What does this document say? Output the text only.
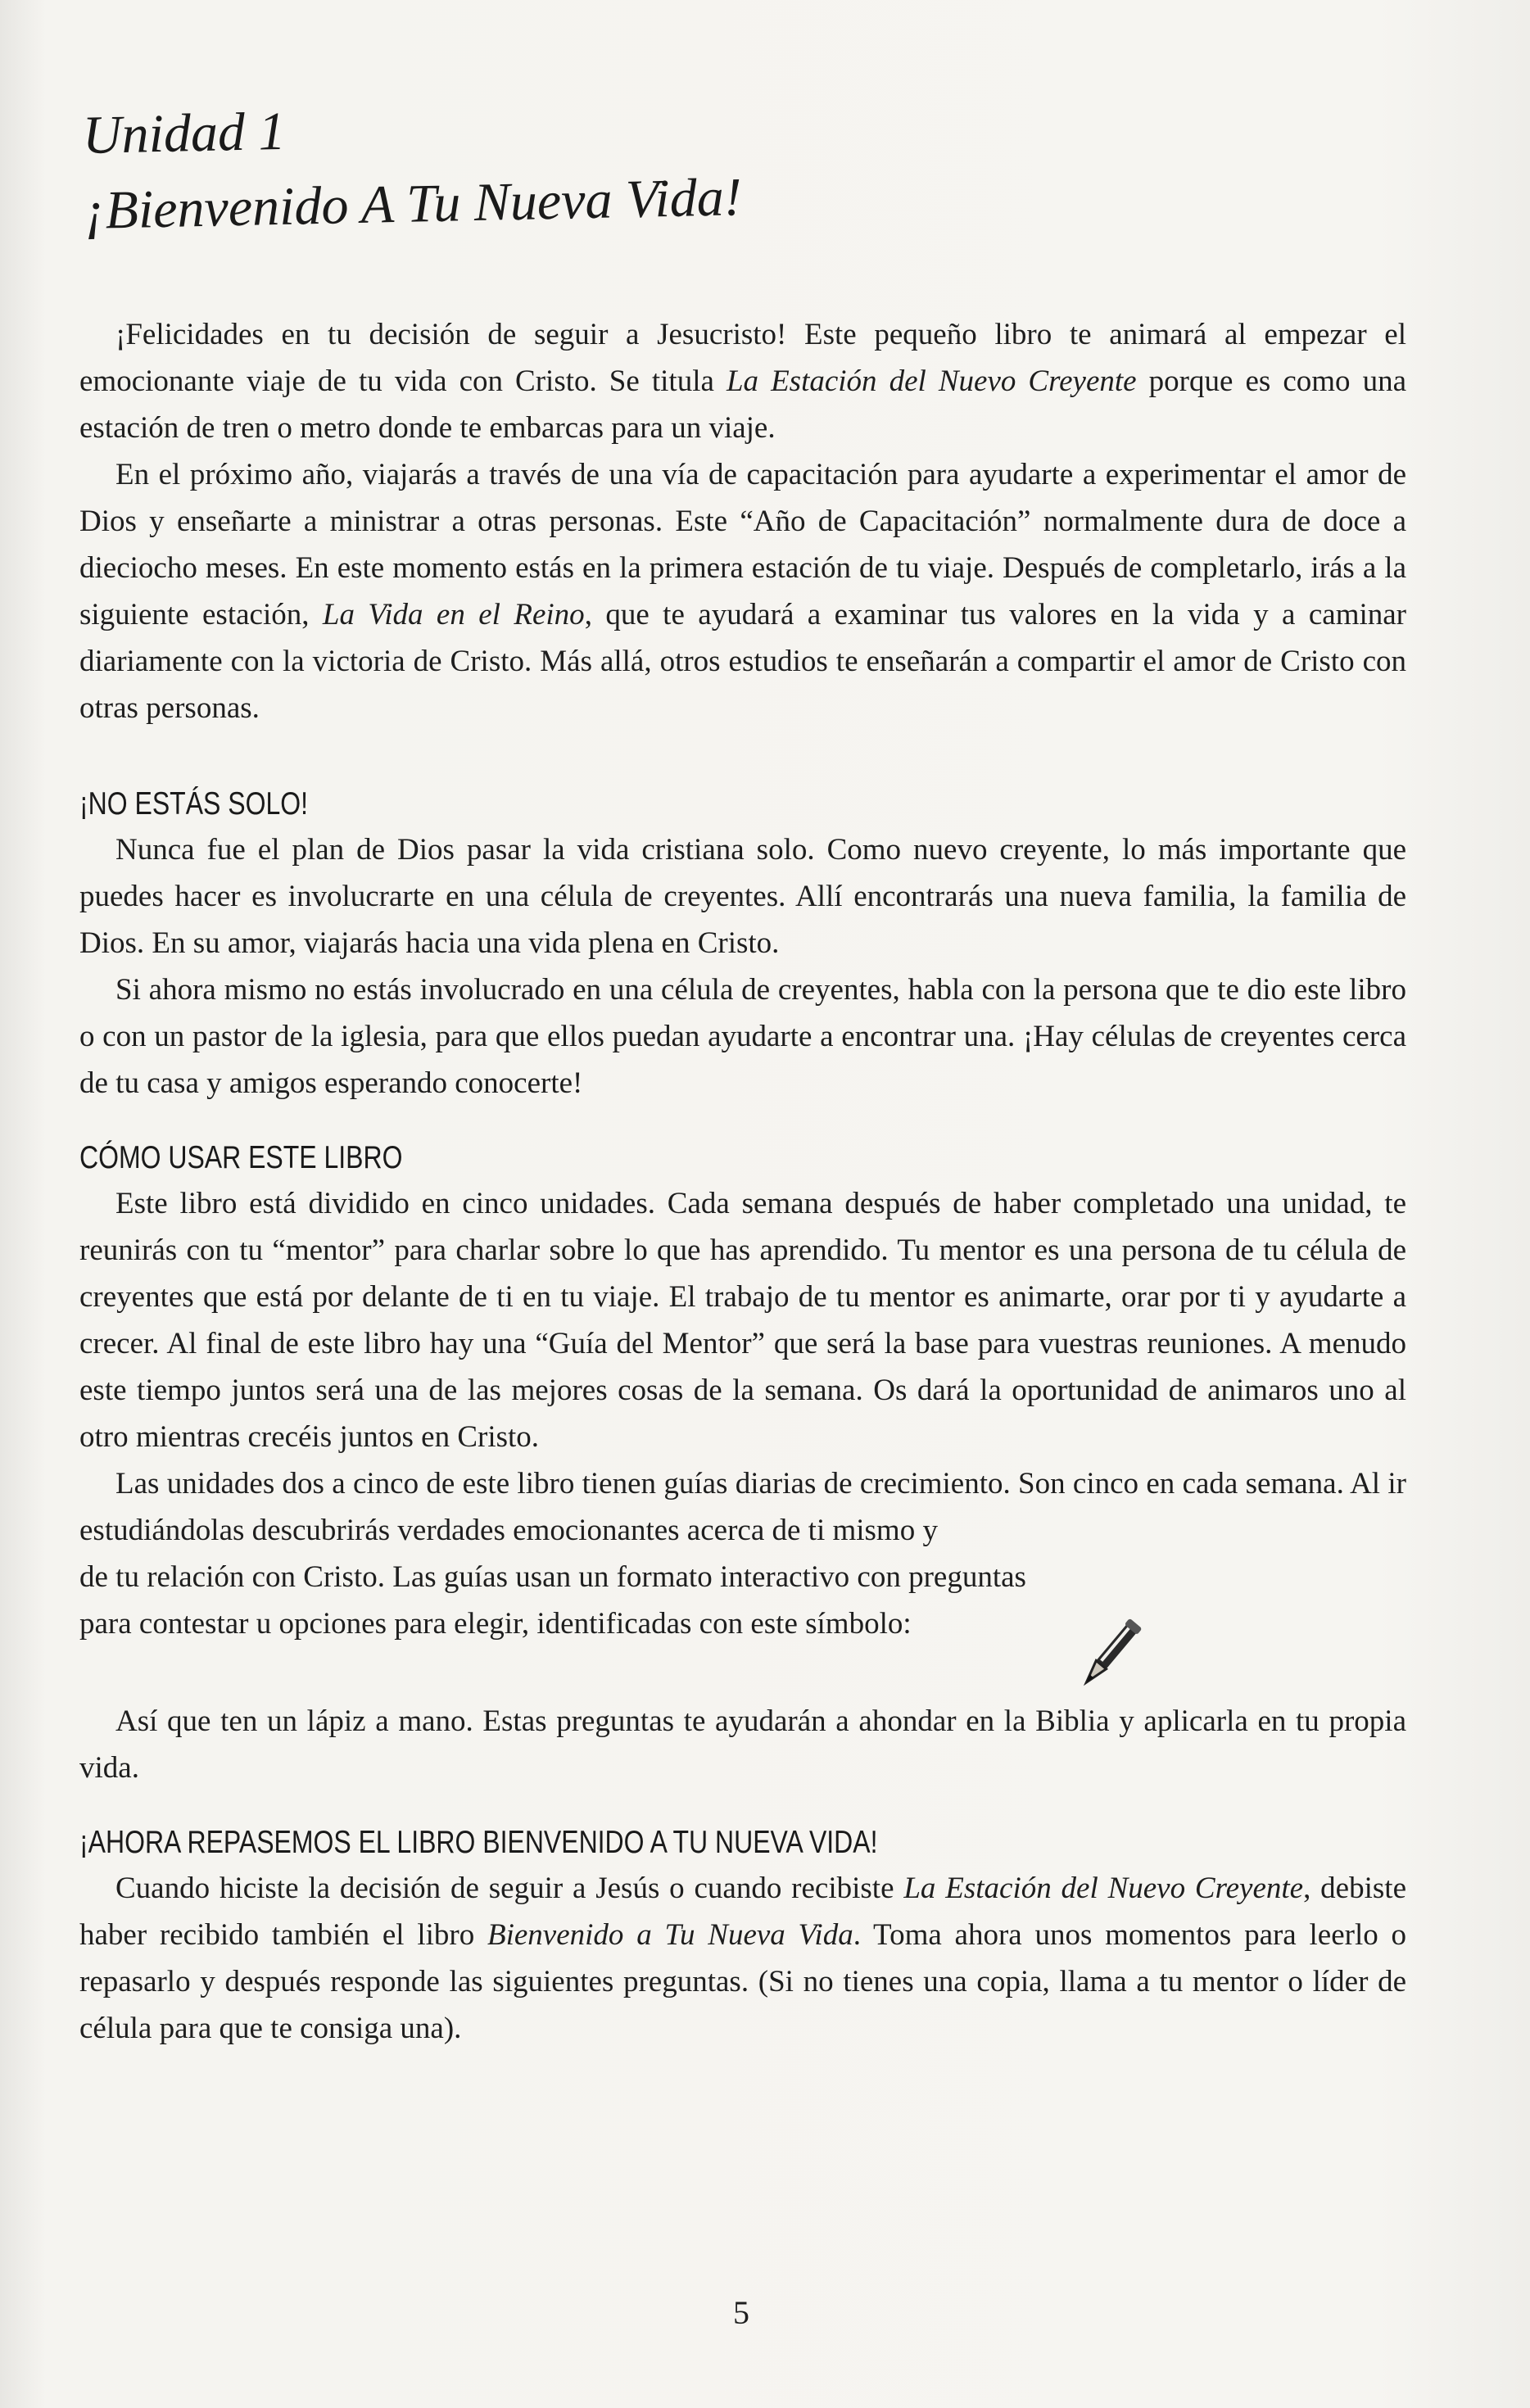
Unidad 1
¡Bienvenido A Tu Nueva Vida!

¡Felicidades en tu decisión de seguir a Jesucristo! Este pequeño libro te animará al empezar el emocionante viaje de tu vida con Cristo. Se titula La Estación del Nuevo Creyente porque es como una estación de tren o metro donde te embarcas para un viaje.

En el próximo año, viajarás a través de una vía de capacitación para ayudarte a experimentar el amor de Dios y enseñarte a ministrar a otras personas. Este “Año de Capacitación” normalmente dura de doce a dieciocho meses. En este momento estás en la primera estación de tu viaje. Después de completarlo, irás a la siguiente estación, La Vida en el Reino, que te ayudará a examinar tus valores en la vida y a caminar diariamente con la victoria de Cristo. Más allá, otros estudios te enseñarán a compartir el amor de Cristo con otras personas.

¡NO ESTÁS SOLO!

Nunca fue el plan de Dios pasar la vida cristiana solo. Como nuevo creyente, lo más importante que puedes hacer es involucrarte en una célula de creyentes. Allí encontrarás una nueva familia, la familia de Dios. En su amor, viajarás hacia una vida plena en Cristo.

Si ahora mismo no estás involucrado en una célula de creyentes, habla con la persona que te dio este libro o con un pastor de la iglesia, para que ellos puedan ayudarte a encontrar una. ¡Hay células de creyentes cerca de tu casa y amigos esperando conocerte!

CÓMO USAR ESTE LIBRO

Este libro está dividido en cinco unidades. Cada semana después de haber completado una unidad, te reunirás con tu “mentor” para charlar sobre lo que has aprendido. Tu mentor es una persona de tu célula de creyentes que está por delante de ti en tu viaje. El trabajo de tu mentor es animarte, orar por ti y ayudarte a crecer. Al final de este libro hay una “Guía del Mentor” que será la base para vuestras reuniones. A menudo este tiempo juntos será una de las mejores cosas de la semana. Os dará la oportunidad de animaros uno al otro mientras crecéis juntos en Cristo.

Las unidades dos a cinco de este libro tienen guías diarias de crecimiento. Son cinco en cada semana. Al ir estudiándolas descubrirás verdades emocionantes acerca de ti mismo y

de tu relación con Cristo. Las guías usan un formato interactivo con preguntas para contestar u opciones para elegir, identificadas con este símbolo:

Así que ten un lápiz a mano. Estas preguntas te ayudarán a ahondar en la Biblia y aplicarla en tu propia vida.

¡AHORA REPASEMOS EL LIBRO BIENVENIDO A TU NUEVA VIDA!

Cuando hiciste la decisión de seguir a Jesús o cuando recibiste La Estación del Nuevo Creyente, debiste haber recibido también el libro Bienvenido a Tu Nueva Vida. Toma ahora unos momentos para leerlo o repasarlo y después responde las siguientes preguntas. (Si no tienes una copia, llama a tu mentor o líder de célula para que te consiga una).

5
